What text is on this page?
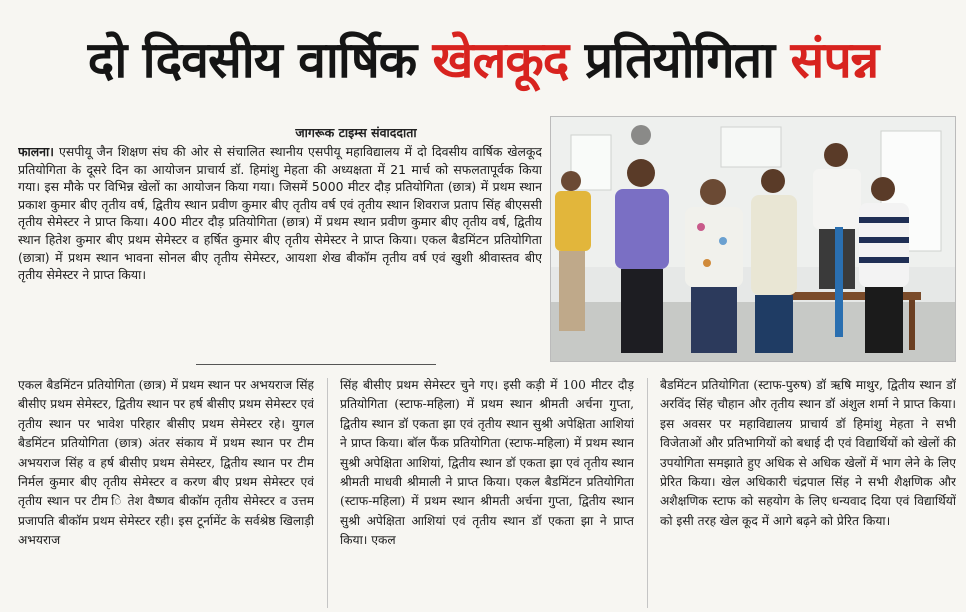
दो दिवसीय वार्षिक खेलकूद प्रतियोगिता संपन्न
जागरूक टाइम्स संवाददाता
फालना। एसपीयू जैन शिक्षण संघ की ओर से संचालित स्थानीय एसपीयू महाविद्यालय में दो दिवसीय वार्षिक खेलकूद प्रतियोगिता के दूसरे दिन का आयोजन प्राचार्य डॉ. हिमांशु मेहता की अध्यक्षता में 21 मार्च को सफलतापूर्वक किया गया। इस मौके पर विभिन्न खेलों का आयोजन किया गया। जिसमें 5000 मीटर दौड़ प्रतियोगिता (छात्र) में प्रथम स्थान प्रकाश कुमार बीए तृतीय वर्ष, द्वितीय स्थान प्रवीण कुमार बीए तृतीय वर्ष एवं तृतीय स्थान शिवराज प्रताप सिंह बीएससी तृतीय सेमेस्टर ने प्राप्त किया। 400 मीटर दौड़ प्रतियोगिता (छात्र) में प्रथम स्थान प्रवीण कुमार बीए तृतीय वर्ष, द्वितीय स्थान हितेश कुमार बीए प्रथम सेमेस्टर व हर्षित कुमार बीए तृतीय सेमेस्टर ने प्राप्त किया। एकल बैडमिंटन प्रतियोगिता (छात्रा) में प्रथम स्थान भावना सोनल बीए तृतीय सेमेस्टर, आयशा शेख बीकॉम तृतीय वर्ष एवं खुशी श्रीवास्तव बीए तृतीय सेमेस्टर ने प्राप्त किया।
एकल बैडमिंटन प्रतियोगिता (छात्र) में प्रथम स्थान पर अभयराज सिंह बीसीए प्रथम सेमेस्टर, द्वितीय स्थान पर हर्ष बीसीए प्रथम सेमेस्टर एवं तृतीय स्थान पर भावेश परिहार बीसीए प्रथम सेमेस्टर रहे। युगल बैडमिंटन प्रतियोगिता (छात्र) अंतर संकाय में प्रथम स्थान पर टीम अभयराज सिंह व हर्ष बीसीए प्रथम सेमेस्टर, द्वितीय स्थान पर टीम निर्मल कुमार बीए तृतीय सेमेस्टर व करण बीए प्रथम सेमेस्टर एवं तृतीय स्थान पर टीम ि तेश वैष्णव बीकॉम तृतीय सेमेस्टर व उत्तम प्रजापति बीकॉम प्रथम सेमेस्टर रही। इस टूर्नामेंट के सर्वश्रेष्ठ खिलाड़ी अभयराज
सिंह बीसीए प्रथम सेमेस्टर चुने गए। इसी कड़ी में 100 मीटर दौड़ प्रतियोगिता (स्टाफ-महिला) में प्रथम स्थान श्रीमती अर्चना गुप्ता, द्वितीय स्थान डॉ एकता झा एवं तृतीय स्थान सुश्री अपेक्षिता आशियां ने प्राप्त किया। बॉल फैंक प्रतियोगिता (स्टाफ-महिला) में प्रथम स्थान सुश्री अपेक्षिता आशियां, द्वितीय स्थान डॉ एकता झा एवं तृतीय स्थान श्रीमती माधवी श्रीमाली ने प्राप्त किया। एकल बैडमिंटन प्रतियोगिता (स्टाफ-महिला) में प्रथम स्थान श्रीमती अर्चना गुप्ता, द्वितीय स्थान सुश्री अपेक्षिता आशियां एवं तृतीय स्थान डॉ एकता झा ने प्राप्त किया। एकल
बैडमिंटन प्रतियोगिता (स्टाफ-पुरुष) डॉ ऋषि माथुर, द्वितीय स्थान डॉ अरविंद सिंह चौहान और तृतीय स्थान डॉ अंशुल शर्मा ने प्राप्त किया। इस अवसर पर महाविद्यालय प्राचार्य डॉ हिमांशु मेहता ने सभी विजेताओं और प्रतिभागियों को बधाई दी एवं विद्यार्थियों को खेलों की उपयोगिता समझाते हुए अधिक से अधिक खेलों में भाग लेने के लिए प्रेरित किया। खेल अधिकारी चंद्रपाल सिंह ने सभी शैक्षणिक और अशैक्षणिक स्टाफ को सहयोग के लिए धन्यवाद दिया एवं विद्यार्थियों को इसी तरह खेल कूद में आगे बढ़ने को प्रेरित किया।
